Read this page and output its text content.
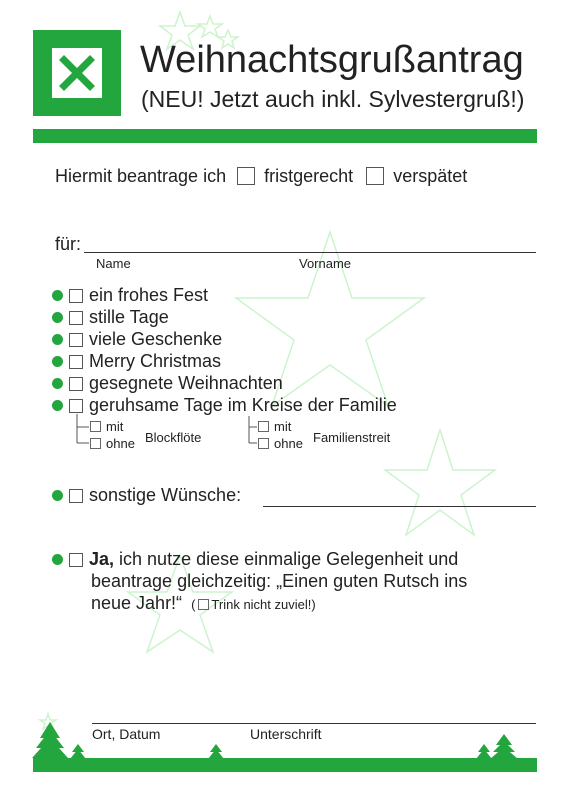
Weihnachtsgrußantrag
(NEU! Jetzt auch inkl. Sylvestergruß!)
Hiermit beantrage ich fristgerecht verspätet
für:
Name	Vorname
ein frohes Fest
stille Tage
viele Geschenke
Merry Christmas
gesegnete Weihnachten
geruhsame Tage im Kreise der Familie
mit
ohne Blockflöte
mit
ohne Familienstreit
sonstige Wünsche:
Ja, ich nutze diese einmalige Gelegenheit und
beantrage gleichzeitig: „Einen guten Rutsch ins
neue Jahr!“ ( Trink nicht zuviel!)
Ort, Datum	Unterschrift
